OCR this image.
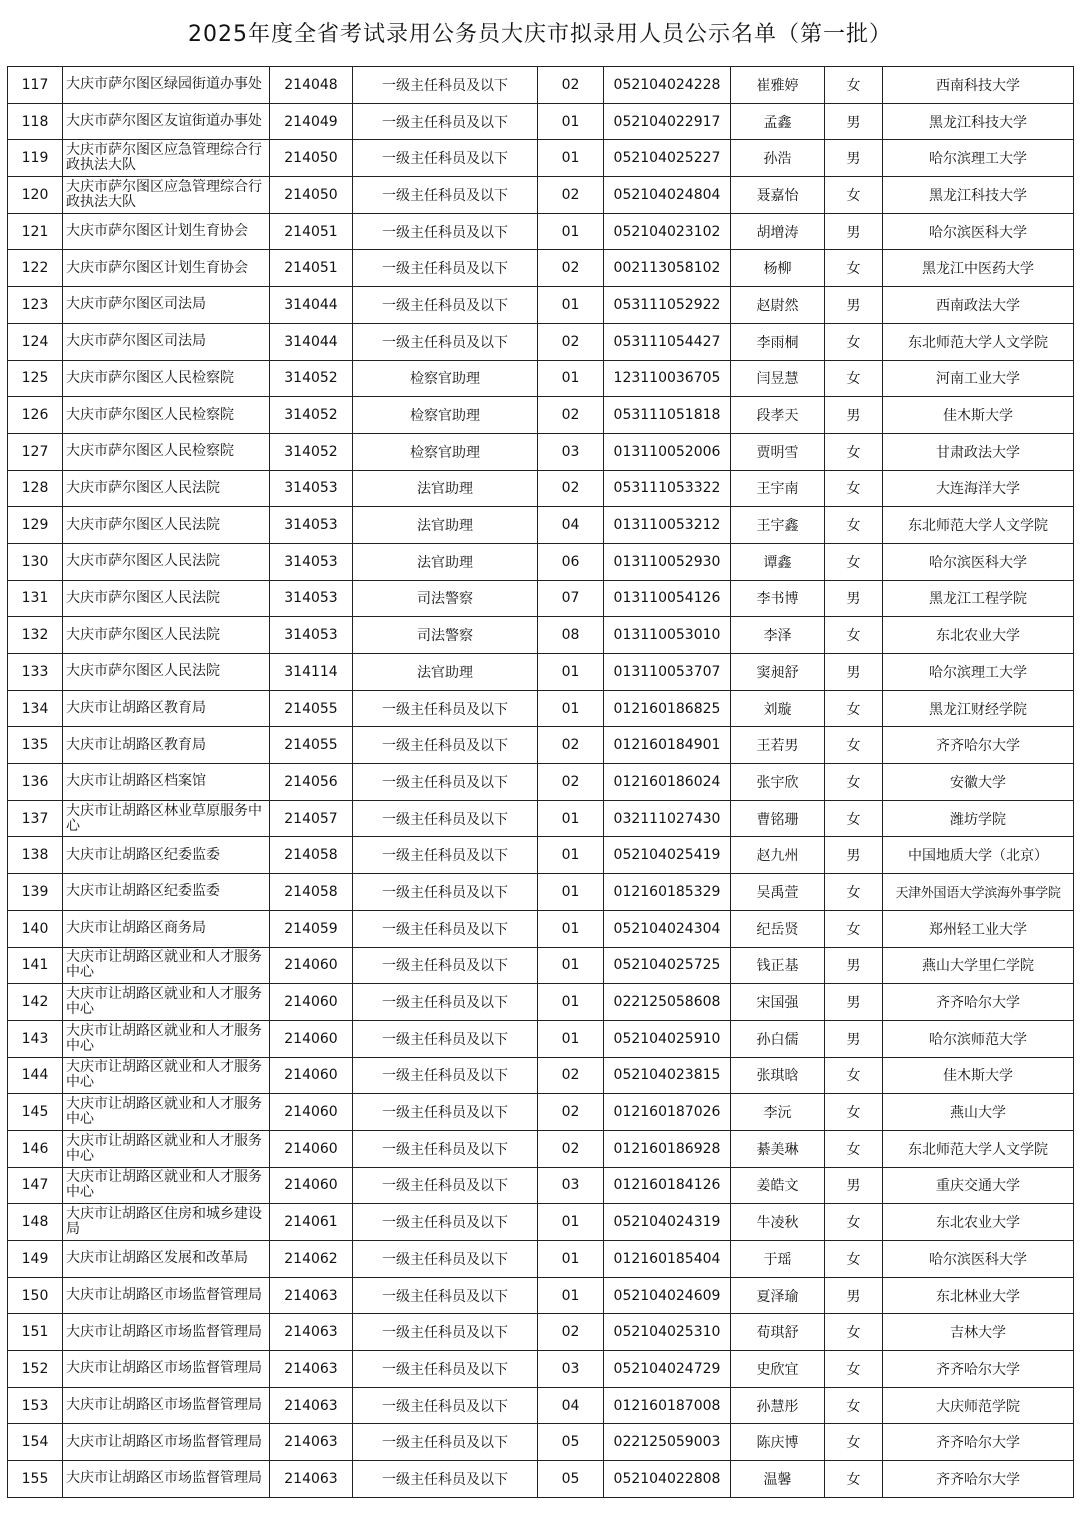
2025年度全省考试录用公务员大庆市拟录用人员公示名单（第一批）
117	大庆市萨尔图区绿园街道办事处	214048	一级主任科员及以下	02	052104024228	崔雅婷	女	西南科技大学
118	大庆市萨尔图区友谊街道办事处	214049	一级主任科员及以下	01	052104022917	孟鑫	男	黑龙江科技大学
119	大庆市萨尔图区应急管理综合行政执法大队	214050	一级主任科员及以下	01	052104025227	孙浩	男	哈尔滨理工大学
120	大庆市萨尔图区应急管理综合行政执法大队	214050	一级主任科员及以下	02	052104024804	聂嘉怡	女	黑龙江科技大学
121	大庆市萨尔图区计划生育协会	214051	一级主任科员及以下	01	052104023102	胡增涛	男	哈尔滨医科大学
122	大庆市萨尔图区计划生育协会	214051	一级主任科员及以下	02	002113058102	杨柳	女	黑龙江中医药大学
123	大庆市萨尔图区司法局	314044	一级主任科员及以下	01	053111052922	赵尉然	男	西南政法大学
124	大庆市萨尔图区司法局	314044	一级主任科员及以下	02	053111054427	李雨桐	女	东北师范大学人文学院
125	大庆市萨尔图区人民检察院	314052	检察官助理	01	123110036705	闫昱慧	女	河南工业大学
126	大庆市萨尔图区人民检察院	314052	检察官助理	02	053111051818	段孝天	男	佳木斯大学
127	大庆市萨尔图区人民检察院	314052	检察官助理	03	013110052006	贾明雪	女	甘肃政法大学
128	大庆市萨尔图区人民法院	314053	法官助理	02	053111053322	王宇南	女	大连海洋大学
129	大庆市萨尔图区人民法院	314053	法官助理	04	013110053212	王宇鑫	女	东北师范大学人文学院
130	大庆市萨尔图区人民法院	314053	法官助理	06	013110052930	谭鑫	女	哈尔滨医科大学
131	大庆市萨尔图区人民法院	314053	司法警察	07	013110054126	李书博	男	黑龙江工程学院
132	大庆市萨尔图区人民法院	314053	司法警察	08	013110053010	李泽	女	东北农业大学
133	大庆市萨尔图区人民法院	314114	法官助理	01	013110053707	窦昶舒	男	哈尔滨理工大学
134	大庆市让胡路区教育局	214055	一级主任科员及以下	01	012160186825	刘璇	女	黑龙江财经学院
135	大庆市让胡路区教育局	214055	一级主任科员及以下	02	012160184901	王若男	女	齐齐哈尔大学
136	大庆市让胡路区档案馆	214056	一级主任科员及以下	02	012160186024	张宇欣	女	安徽大学
137	大庆市让胡路区林业草原服务中心	214057	一级主任科员及以下	01	032111027430	曹铭珊	女	潍坊学院
138	大庆市让胡路区纪委监委	214058	一级主任科员及以下	01	052104025419	赵九州	男	中国地质大学（北京）
139	大庆市让胡路区纪委监委	214058	一级主任科员及以下	01	012160185329	吴禹萱	女	天津外国语大学滨海外事学院
140	大庆市让胡路区商务局	214059	一级主任科员及以下	01	052104024304	纪岳贤	女	郑州轻工业大学
141	大庆市让胡路区就业和人才服务中心	214060	一级主任科员及以下	01	052104025725	钱正基	男	燕山大学里仁学院
142	大庆市让胡路区就业和人才服务中心	214060	一级主任科员及以下	01	022125058608	宋国强	男	齐齐哈尔大学
143	大庆市让胡路区就业和人才服务中心	214060	一级主任科员及以下	01	052104025910	孙白儒	男	哈尔滨师范大学
144	大庆市让胡路区就业和人才服务中心	214060	一级主任科员及以下	02	052104023815	张琪晗	女	佳木斯大学
145	大庆市让胡路区就业和人才服务中心	214060	一级主任科员及以下	02	012160187026	李沅	女	燕山大学
146	大庆市让胡路区就业和人才服务中心	214060	一级主任科员及以下	02	012160186928	綦美琳	女	东北师范大学人文学院
147	大庆市让胡路区就业和人才服务中心	214060	一级主任科员及以下	03	012160184126	姜皓文	男	重庆交通大学
148	大庆市让胡路区住房和城乡建设局	214061	一级主任科员及以下	01	052104024319	牛凌秋	女	东北农业大学
149	大庆市让胡路区发展和改革局	214062	一级主任科员及以下	01	012160185404	于瑶	女	哈尔滨医科大学
150	大庆市让胡路区市场监督管理局	214063	一级主任科员及以下	01	052104024609	夏泽瑜	男	东北林业大学
151	大庆市让胡路区市场监督管理局	214063	一级主任科员及以下	02	052104025310	荀琪舒	女	吉林大学
152	大庆市让胡路区市场监督管理局	214063	一级主任科员及以下	03	052104024729	史欣宜	女	齐齐哈尔大学
153	大庆市让胡路区市场监督管理局	214063	一级主任科员及以下	04	012160187008	孙慧彤	女	大庆师范学院
154	大庆市让胡路区市场监督管理局	214063	一级主任科员及以下	05	022125059003	陈庆博	女	齐齐哈尔大学
155	大庆市让胡路区市场监督管理局	214063	一级主任科员及以下	05	052104022808	温馨	女	齐齐哈尔大学
